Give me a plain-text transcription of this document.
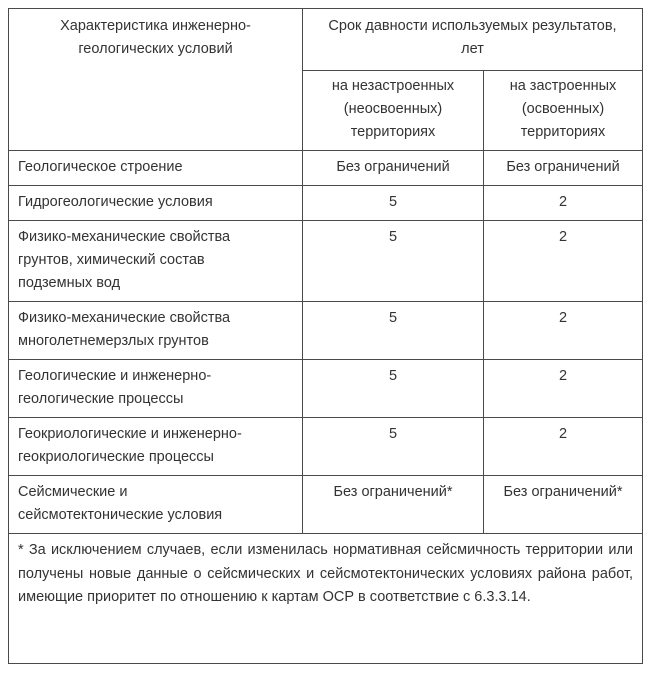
Характеристика инженерно-геологических условий	Срок давности используемых результатов, лет	
	на незастроенных (неосвоенных) территориях	на застроенных (освоенных) территориях
Геологическое строение	Без ограничений	Без ограничений
Гидрогеологические условия	5	2
Физико-механические свойства грунтов, химический состав подземных вод	5	2
Физико-механические свойства многолетнемерзлых грунтов	5	2
Геологические и инженерно-геологические процессы	5	2
Геокриологические и инженерно-геокриологические процессы	5	2
Сейсмические и сейсмотектонические условия	Без ограничений*	Без ограничений*
* За исключением случаев, если изменилась нормативная сейсмичность территории или получены новые данные о сейсмических и сейсмотектонических условиях района работ, имеющие приоритет по отношению к картам ОСР в соответствие с 6.3.3.14.		
